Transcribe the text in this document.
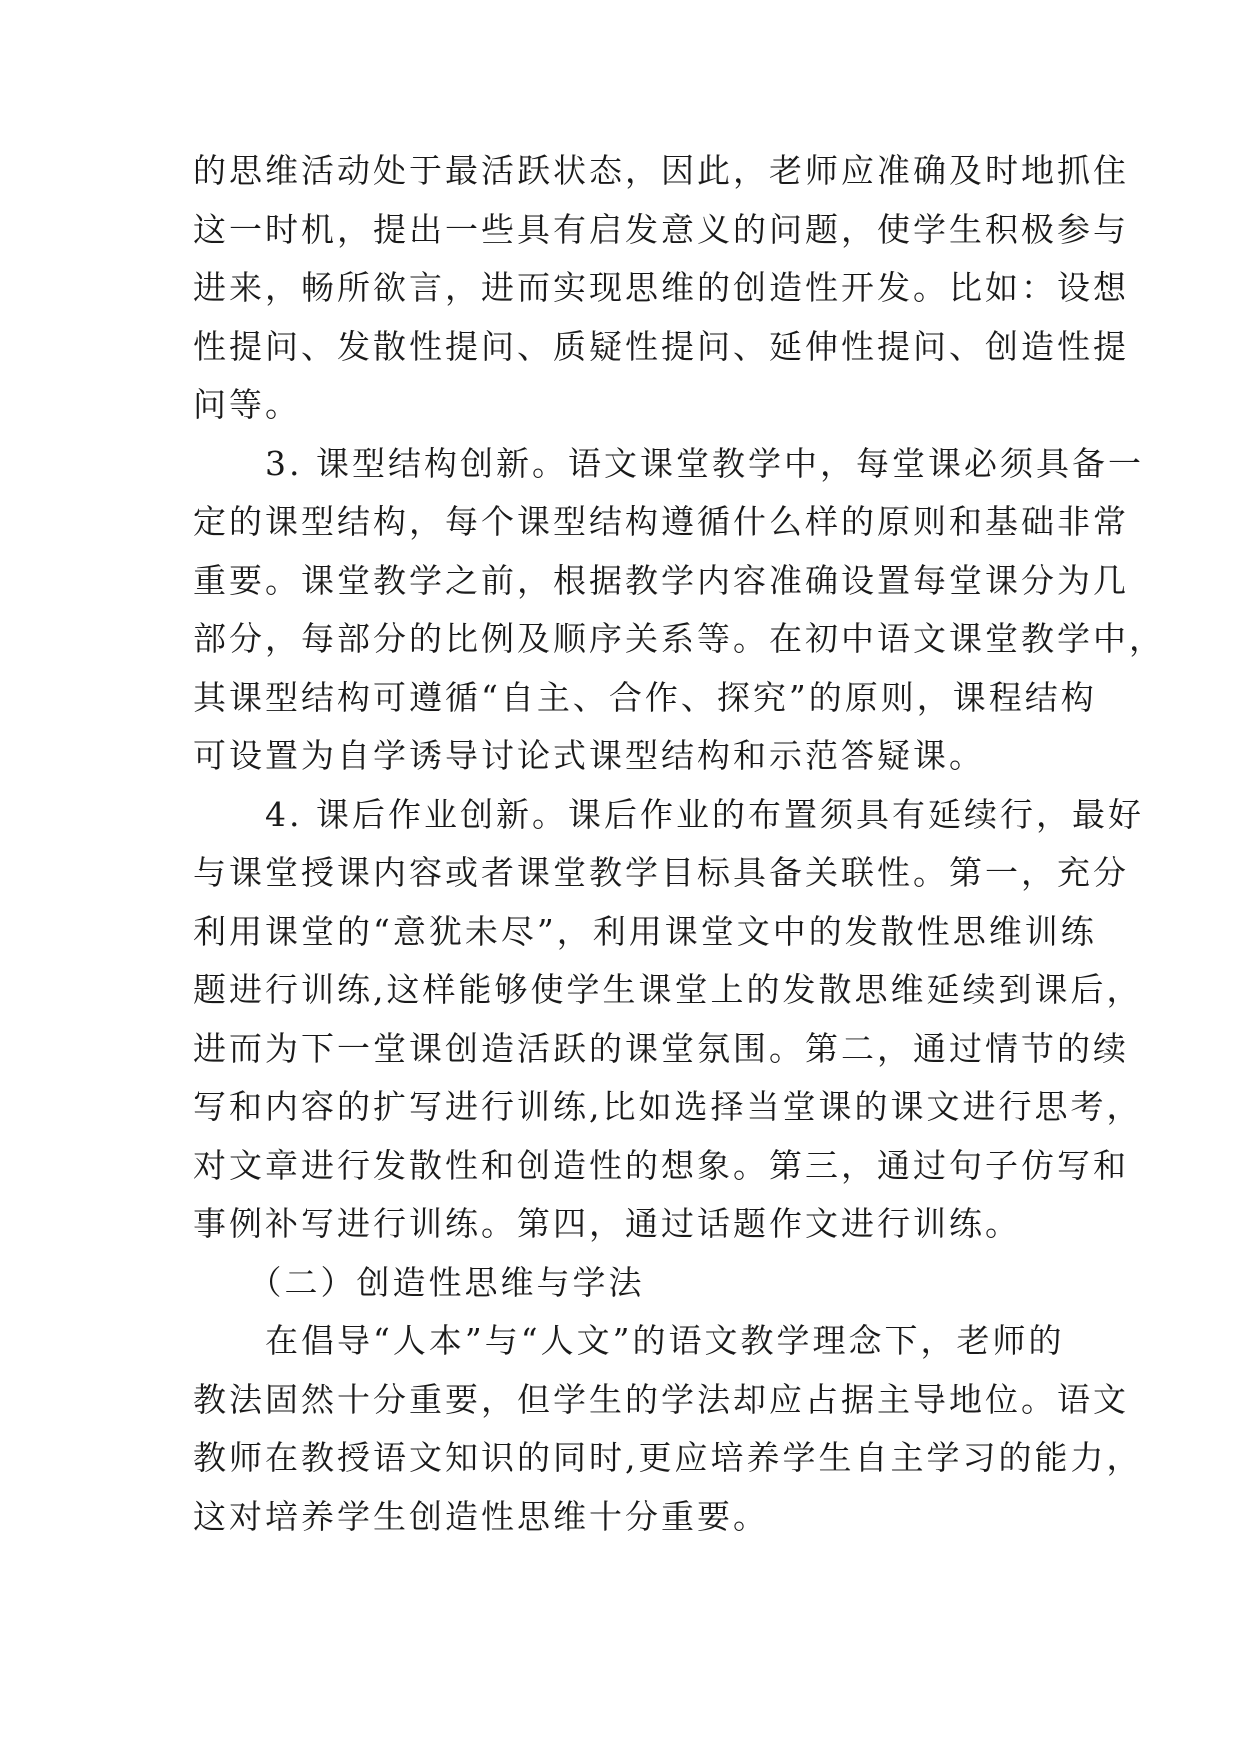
的思维活动处于最活跃状态，因此，老师应准确及时地抓住
这一时机，提出一些具有启发意义的问题，使学生积极参与
进来，畅所欲言，进而实现思维的创造性开发。比如：设想
性提问、发散性提问、质疑性提问、延伸性提问、创造性提
问等。
　　3. 课型结构创新。语文课堂教学中，每堂课必须具备一
定的课型结构，每个课型结构遵循什么样的原则和基础非常
重要。课堂教学之前，根据教学内容准确设置每堂课分为几
部分，每部分的比例及顺序关系等。在初中语文课堂教学中，
其课型结构可遵循“自主、合作、探究”的原则，课程结构
可设置为自学诱导讨论式课型结构和示范答疑课。
　　4. 课后作业创新。课后作业的布置须具有延续行，最好
与课堂授课内容或者课堂教学目标具备关联性。第一，充分
利用课堂的“意犹未尽”，利用课堂文中的发散性思维训练
题进行训练,这样能够使学生课堂上的发散思维延续到课后，
进而为下一堂课创造活跃的课堂氛围。第二，通过情节的续
写和内容的扩写进行训练,比如选择当堂课的课文进行思考，
对文章进行发散性和创造性的想象。第三，通过句子仿写和
事例补写进行训练。第四，通过话题作文进行训练。
　　（二）创造性思维与学法
　　在倡导“人本”与“人文”的语文教学理念下，老师的
教法固然十分重要，但学生的学法却应占据主导地位。语文
教师在教授语文知识的同时,更应培养学生自主学习的能力，
这对培养学生创造性思维十分重要。
